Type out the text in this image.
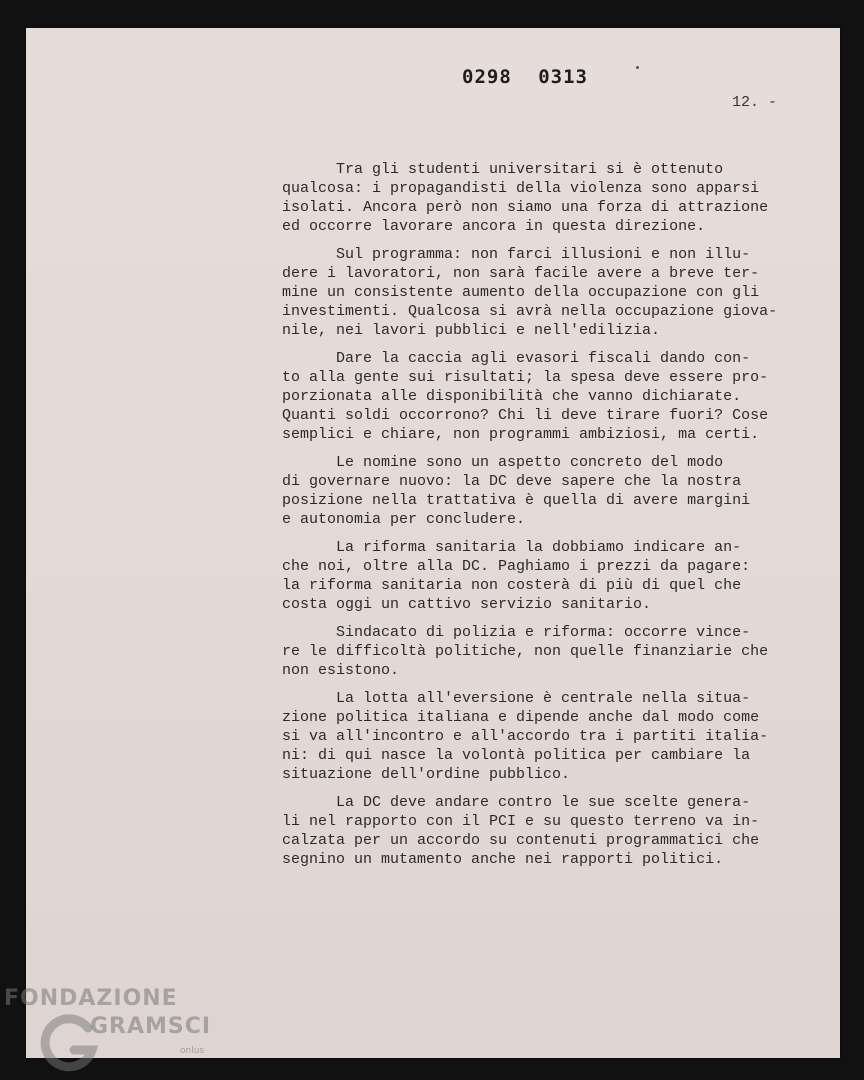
0298 0313
12. -
Tra gli studenti universitari si è ottenuto
qualcosa: i propagandisti della violenza sono apparsi
isolati. Ancora però non siamo una forza di attrazione
ed occorre lavorare ancora in questa direzione.
Sul programma: non farci illusioni e non illu-
dere i lavoratori, non sarà facile avere a breve ter-
mine un consistente aumento della occupazione con gli
investimenti. Qualcosa si avrà nella occupazione giova-
nile, nei lavori pubblici e nell'edilizia.
Dare la caccia agli evasori fiscali dando con-
to alla gente sui risultati; la spesa deve essere pro-
porzionata alle disponibilità che vanno dichiarate.
Quanti soldi occorrono? Chi li deve tirare fuori? Cose
semplici e chiare, non programmi ambiziosi, ma certi.
Le nomine sono un aspetto concreto del modo
di governare nuovo: la DC deve sapere che la nostra
posizione nella trattativa è quella di avere margini
e autonomia per concludere.
La riforma sanitaria la dobbiamo indicare an-
che noi, oltre alla DC. Paghiamo i prezzi da pagare:
la riforma sanitaria non costerà di più di quel che
costa oggi un cattivo servizio sanitario.
Sindacato di polizia e riforma: occorre vince-
re le difficoltà politiche, non quelle finanziarie che
non esistono.
La lotta all'eversione è centrale nella situa-
zione politica italiana e dipende anche dal modo come
si va all'incontro e all'accordo tra i partiti italia-
ni: di qui nasce la volontà politica per cambiare la
situazione dell'ordine pubblico.
La DC deve andare contro le sue scelte genera-
li nel rapporto con il PCI e su questo terreno va in-
calzata per un accordo su contenuti programmatici che
segnino un mutamento anche nei rapporti politici.
FONDAZIONE
GRAMSCI
onlus
